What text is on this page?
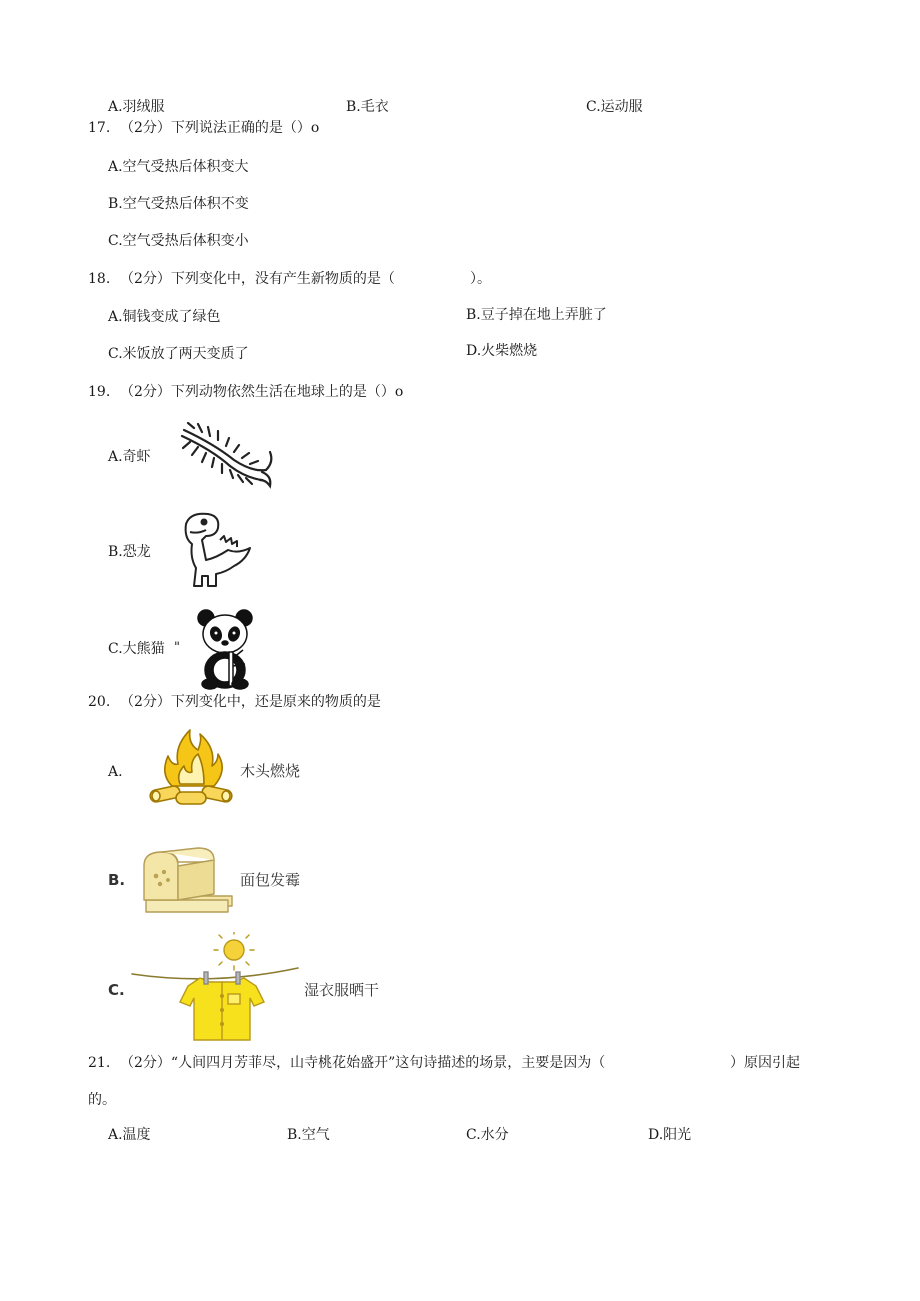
A.羽绒服	B.毛衣	C.运动服
17. （2分）下列说法正确的是（）o
A.空气受热后体积变大
B.空气受热后体积不变
C.空气受热后体积变小
18. （2分）下列变化中，没有产生新物质的是（	）。
A.铜钱变成了绿色	B.豆子掉在地上弄脏了
C.米饭放了两天变质了	D.火柴燃烧
19. （2分）下列动物依然生活在地球上的是（）o
A.奇虾
B.恐龙
C.大熊猫 "
20. （2分）下列变化中，还是原来的物质的是
A.	木头燃烧
B.	面包发霉
C.	湿衣服晒干
21. （2分）“人间四月芳菲尽，山寺桃花始盛开”这句诗描述的场景，主要是因为（	）原因引起
的。
A.温度	B.空气	C.水分	D.阳光
